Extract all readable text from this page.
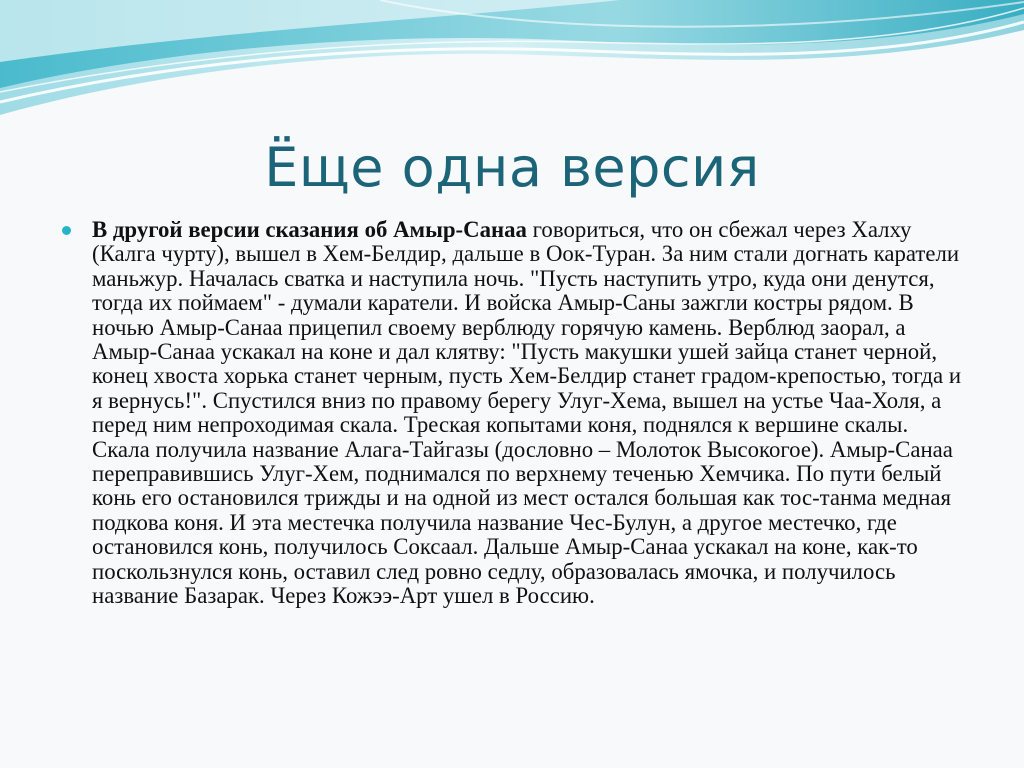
Ёще одна версия
В другой версии сказания об Амыр-Санаа говориться, что он сбежал через Халху (Калга чурту), вышел в Хем-Белдир, дальше в Оок-Туран. За ним стали догнать каратели маньжур. Началась сватка и наступила ночь. "Пусть наступить утро, куда они денутся, тогда их поймаем" - думали каратели. И войска Амыр-Саны зажгли костры рядом. В ночью Амыр-Санаа прицепил своему верблюду горячую камень. Верблюд заорал, а Амыр-Санаа ускакал на коне и дал клятву: "Пусть макушки ушей зайца станет черной, конец хвоста хорька станет черным, пусть Хем-Белдир станет градом-крепостью, тогда и я вернусь!". Спустился вниз по правому берегу Улуг-Хема, вышел на устье Чаа-Холя, а перед ним непроходимая скала. Треская копытами коня, поднялся к вершине скалы. Скала получила название Алага-Тайгазы (дословно – Молоток Высокогое). Амыр-Санаа переправившись Улуг-Хем, поднимался по верхнему теченью Хемчика. По пути белый конь его остановился трижды и на одной из мест остался большая как тос-танма медная подкова коня. И эта местечка получила название Чес-Булун, а другое местечко, где остановился конь, получилось Соксаал. Дальше Амыр-Санаа ускакал на коне, как-то поскользнулся конь, оставил след ровно седлу, образовалась ямочка, и получилось название Базарак. Через Кожээ-Арт ушел в Россию.
